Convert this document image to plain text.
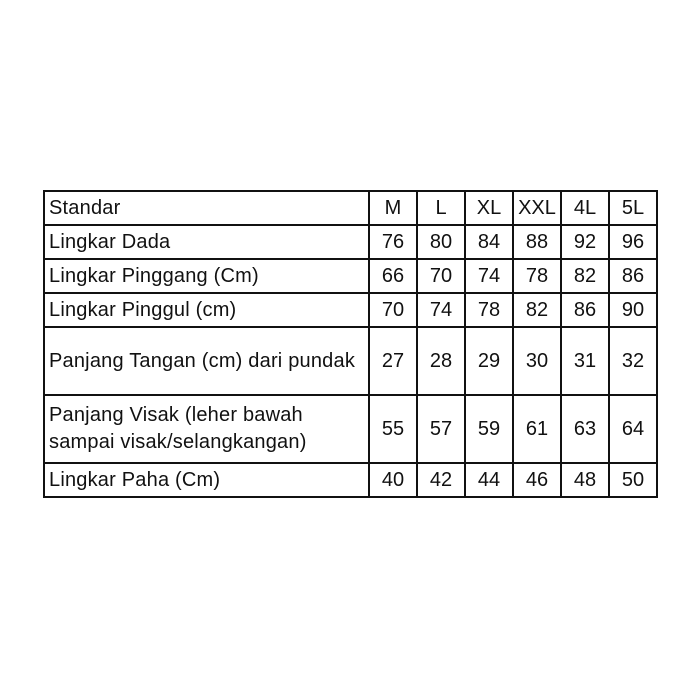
Standar	M	L	XL	XXL	4L	5L
Lingkar Dada	76	80	84	88	92	96
Lingkar Pinggang (Cm)	66	70	74	78	82	86
Lingkar Pinggul (cm)	70	74	78	82	86	90
Panjang Tangan (cm) dari pundak	27	28	29	30	31	32
Panjang Visak (leher bawah sampai visak/selangkangan)	55	57	59	61	63	64
Lingkar Paha (Cm)	40	42	44	46	48	50
